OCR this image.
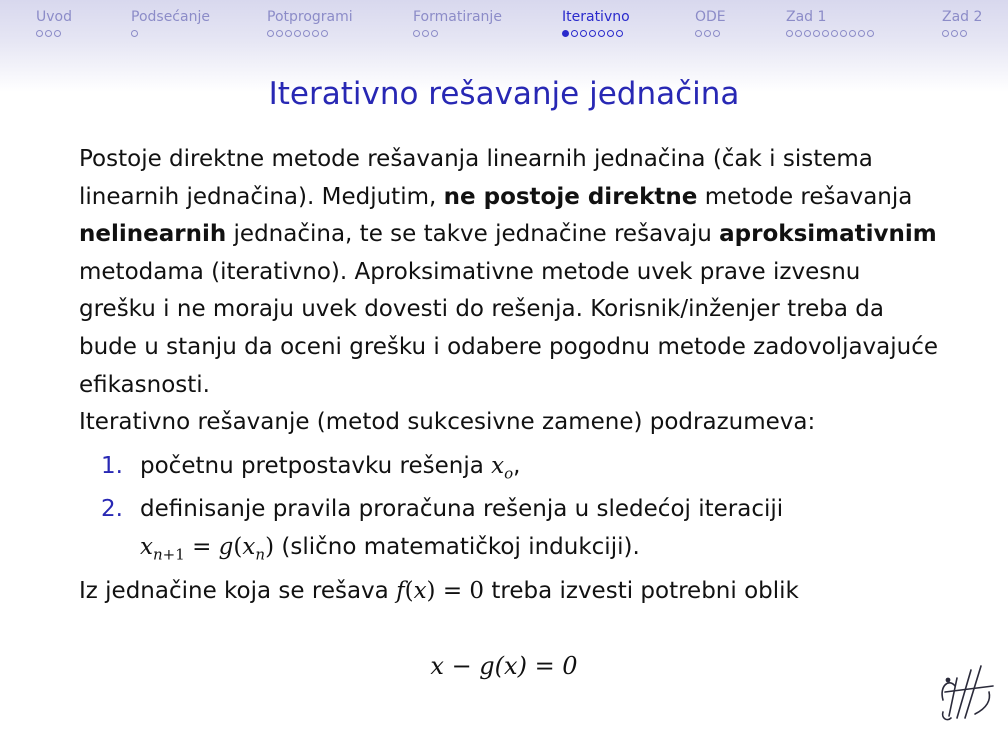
Uvod	Podsećanje	Potprogrami	Formatiranje	Iterativno	ODE	Zad 1	Zad 2
Iterativno rešavanje jednačina

Postoje direktne metode rešavanja linearnih jednačina (čak i sistema linearnih jednačina). Medjutim, ne postoje direktne metode rešavanja nelinearnih jednačina, te se takve jednačine rešavaju aproksimativnim metodama (iterativno). Aproksimativne metode uvek prave izvesnu grešku i ne moraju uvek dovesti do rešenja. Korisnik/inženjer treba da bude u stanju da oceni grešku i odabere pogodnu metode zadovoljavajuće efikasnosti.

Iterativno rešavanje (metod sukcesivne zamene) podrazumeva:

1. početnu pretpostavku rešenja $x_o$,
2. definisanje pravila proračuna rešenja u sledećoj iteraciji
$x_{n+1} = g(x_n)$ (slično matematičkoj indukciji).

Iz jednačine koja se rešava f(x) = 0 treba izvesti potrebni oblik

x − g(x) = 0
